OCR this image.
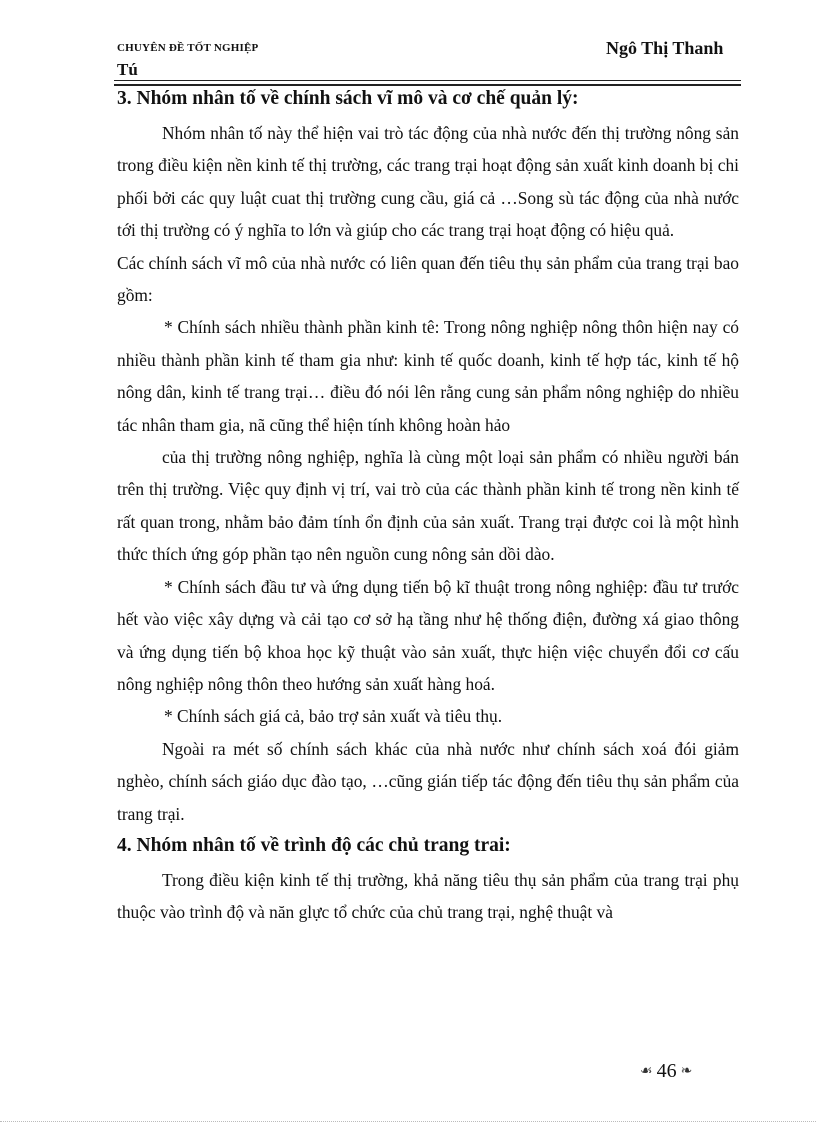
CHUYÊN ĐỀ TỐT NGHIỆP	Ngô Thị Thanh
Tú

3. Nhóm nhân tố về chính sách vĩ mô và cơ chế quản lý:

Nhóm nhân tố này thể hiện vai trò tác động của nhà nước đến thị trường nông sản trong điều kiện nền kinh tế thị trường, các trang trại hoạt động sản xuất kinh doanh bị chi phối bởi các quy luật cuat thị trường cung cầu, giá cả …Song sù tác động của nhà nước tới thị trường có ý nghĩa to lớn và giúp cho các trang trại hoạt động có hiệu quả.

Các chính sách vĩ mô của nhà nước có liên quan đến tiêu thụ sản phẩm của trang trại bao gồm:

* Chính sách nhiều thành phần kinh tê: Trong nông nghiệp nông thôn hiện nay có nhiều thành phần kinh tế tham gia như: kinh tế quốc doanh, kinh tế hợp tác, kinh tế hộ nông dân, kinh tế trang trại… điều đó nói lên rằng cung sản phẩm nông nghiệp do nhiều tác nhân tham gia, nã cũng thể hiện tính không hoàn hảo

của thị trường nông nghiệp, nghĩa là cùng một loại sản phẩm có nhiều người bán trên thị trường. Việc quy định vị trí, vai trò của các thành phần kinh tế trong nền kinh tế rất quan trong, nhằm bảo đảm tính ổn định của sản xuất. Trang trại được coi là một hình thức thích ứng góp phần tạo nên nguồn cung nông sản dồi dào.

* Chính sách đầu tư và ứng dụng tiến bộ kĩ thuật trong nông nghiệp: đầu tư trước hết vào việc xây dựng và cải tạo cơ sở hạ tầng như hệ thống điện, đường xá giao thông và ứng dụng tiến bộ khoa học kỹ thuật vào sản xuất, thực hiện việc chuyển đổi cơ cấu nông nghiệp nông thôn theo hướng sản xuất hàng hoá.

* Chính sách giá cả, bảo trợ sản xuất và tiêu thụ.

Ngoài ra mét số chính sách khác của nhà nước như chính sách xoá đói giảm nghèo, chính sách giáo dục đào tạo, …cũng gián tiếp tác động đến tiêu thụ sản phẩm của trang trại.

4. Nhóm nhân tố về trình độ các chủ trang trai:

Trong điều kiện kinh tế thị trường, khả năng tiêu thụ sản phẩm của trang trại phụ thuộc vào trình độ và năn glực tổ chức của chủ trang trại, nghệ thuật và

☙ 46 ❧
